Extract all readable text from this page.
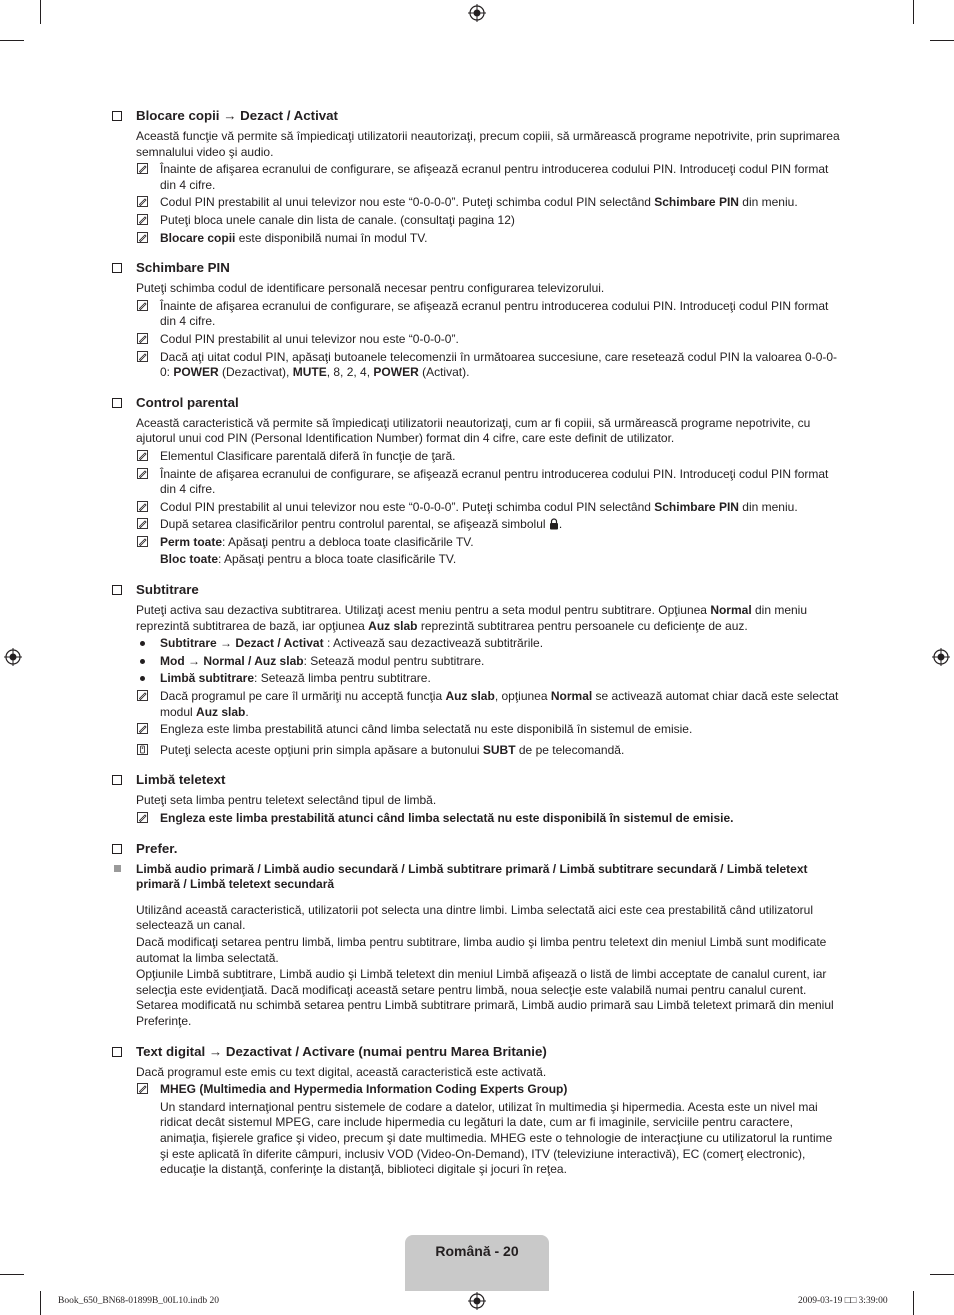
Blocare copii → Dezact / Activat
Această funcţie vă permite să împiedicaţi utilizatorii neautorizaţi, precum copiii, să urmărească programe nepotrivite, prin suprimarea semnalului video şi audio.
Înainte de afişarea ecranului de configurare, se afişează ecranul pentru introducerea codului PIN. Introduceţi codul PIN format din 4 cifre.
Codul PIN prestabilit al unui televizor nou este “0-0-0-0”. Puteţi schimba codul PIN selectând Schimbare PIN din meniu.
Puteţi bloca unele canale din lista de canale. (consultaţi pagina 12)
Blocare copii este disponibilă numai în modul TV.
Schimbare PIN
Puteţi schimba codul de identificare personală necesar pentru configurarea televizorului.
Înainte de afişarea ecranului de configurare, se afişează ecranul pentru introducerea codului PIN. Introduceţi codul PIN format din 4 cifre.
Codul PIN prestabilit al unui televizor nou este “0-0-0-0”.
Dacă aţi uitat codul PIN, apăsaţi butoanele telecomenzii în următoarea succesiune, care resetează codul PIN la valoarea 0-0-0-0: POWER (Dezactivat), MUTE, 8, 2, 4, POWER (Activat).
Control parental
Această caracteristică vă permite să împiedicaţi utilizatorii neautorizaţi, cum ar fi copiii, să urmărească programe nepotrivite, cu ajutorul unui cod PIN (Personal Identification Number) format din 4 cifre, care este definit de utilizator.
Elementul Clasificare parentală diferă în funcţie de ţară.
Înainte de afişarea ecranului de configurare, se afişează ecranul pentru introducerea codului PIN. Introduceţi codul PIN format din 4 cifre.
Codul PIN prestabilit al unui televizor nou este “0-0-0-0”. Puteţi schimba codul PIN selectând Schimbare PIN din meniu.
După setarea clasificărilor pentru controlul parental, se afişează simbolul .
Perm toate: Apăsaţi pentru a debloca toate clasificările TV.
Bloc toate: Apăsaţi pentru a bloca toate clasificările TV.
Subtitrare
Puteţi activa sau dezactiva subtitrarea. Utilizaţi acest meniu pentru a seta modul pentru subtitrare. Opţiunea Normal din meniu reprezintă subtitrarea de bază, iar opţiunea Auz slab reprezintă subtitrarea pentru persoanele cu deficienţe de auz.
Subtitrare → Dezact / Activat : Activează sau dezactivează subtitrările.
Mod → Normal / Auz slab: Setează modul pentru subtitrare.
Limbă subtitrare: Setează limba pentru subtitrare.
Dacă programul pe care îl urmăriţi nu acceptă funcţia Auz slab, opţiunea Normal se activează automat chiar dacă este selectat modul Auz slab.
Engleza este limba prestabilită atunci când limba selectată nu este disponibilă în sistemul de emisie.
Puteţi selecta aceste opţiuni prin simpla apăsare a butonului SUBT de pe telecomandă.
Limbă teletext
Puteţi seta limba pentru teletext selectând tipul de limbă.
Engleza este limba prestabilită atunci când limba selectată nu este disponibilă în sistemul de emisie.
Prefer.
Limbă audio primară / Limbă audio secundară / Limbă subtitrare primară / Limbă subtitrare secundară / Limbă teletext primară / Limbă teletext secundară
Utilizând această caracteristică, utilizatorii pot selecta una dintre limbi. Limba selectată aici este cea prestabilită când utilizatorul selectează un canal.
Dacă modificaţi setarea pentru limbă, limba pentru subtitrare, limba audio şi limba pentru teletext din meniul Limbă sunt modificate automat la limba selectată.
Opţiunile Limbă subtitrare, Limbă audio şi Limbă teletext din meniul Limbă afişează o listă de limbi acceptate de canalul curent, iar selecţia este evidenţiată. Dacă modificaţi această setare pentru limbă, noua selecţie este valabilă numai pentru canalul curent. Setarea modificată nu schimbă setarea pentru Limbă subtitrare primară, Limbă audio primară sau Limbă teletext primară din meniul Preferinţe.
Text digital → Dezactivat / Activare (numai pentru Marea Britanie)
Dacă programul este emis cu text digital, această caracteristică este activată.
MHEG (Multimedia and Hypermedia Information Coding Experts Group)
Un standard internaţional pentru sistemele de codare a datelor, utilizat în multimedia şi hipermedia. Acesta este un nivel mai ridicat decât sistemul MPEG, care include hipermedia cu legături la date, cum ar fi imaginile, serviciile pentru caractere, animaţia, fişierele grafice şi video, precum şi date multimedia. MHEG este o tehnologie de interacţiune cu utilizatorul la runtime şi este aplicată în diferite câmpuri, inclusiv VOD (Video-On-Demand), ITV (televiziune interactivă), EC (comerţ electronic), educaţie la distanţă, conferinţe la distanţă, biblioteci digitale şi jocuri în reţea.
Română - 20
Book_650_BN68-01899B_00L10.indb 20	2009-03-19 □□ 3:39:00
